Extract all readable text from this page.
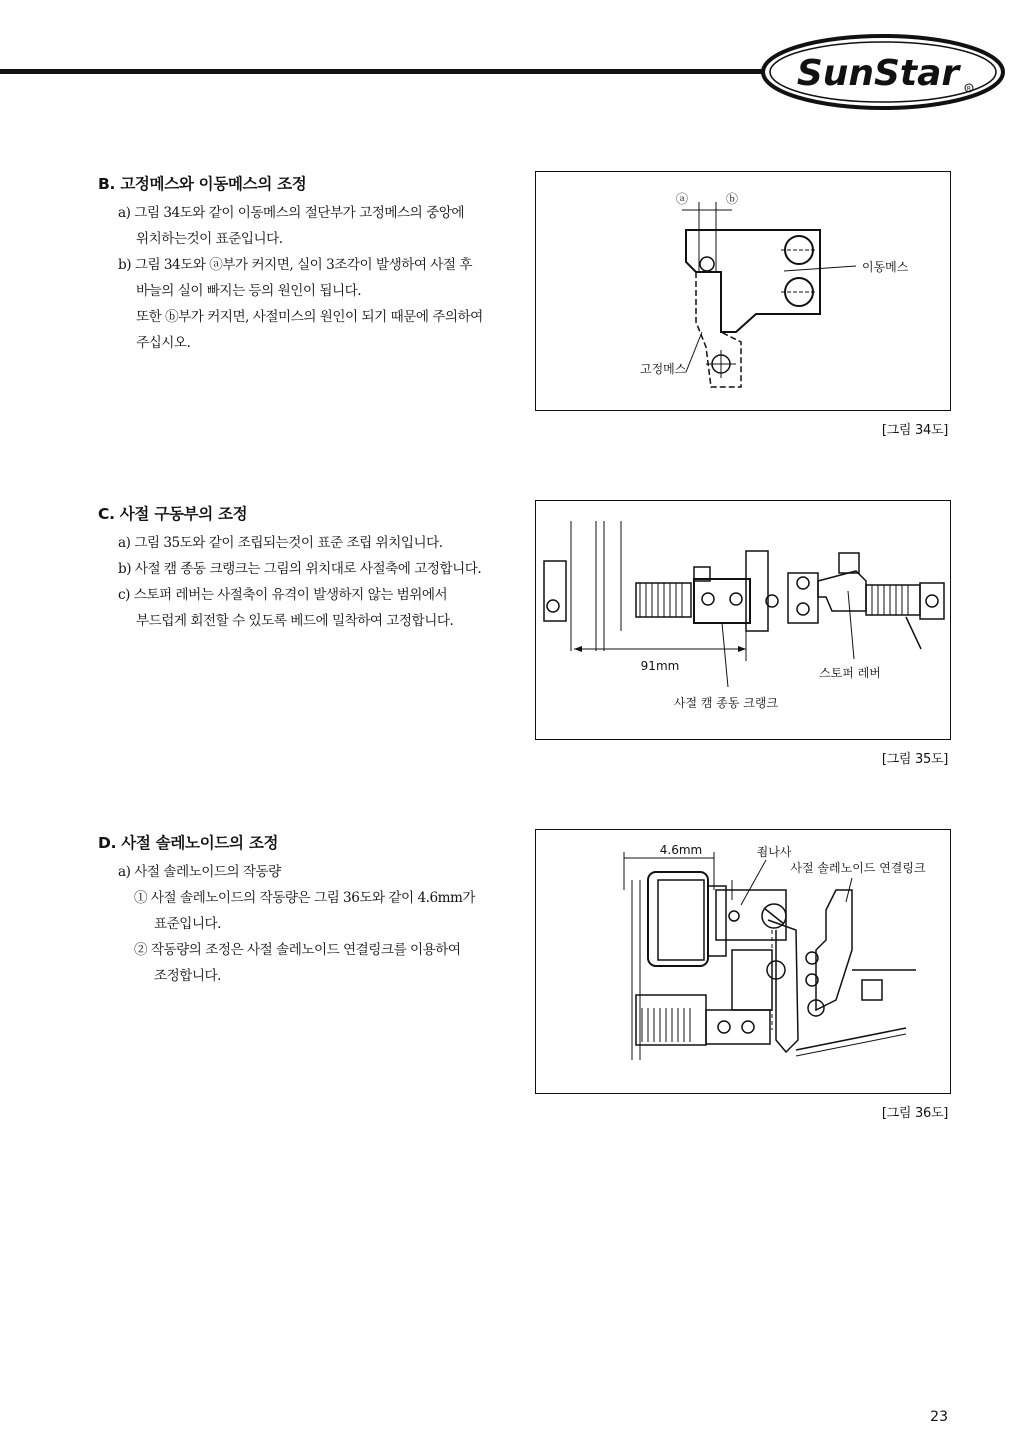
SunStar	R
B. 고정메스와 이동메스의 조정

a) 그림 34도와 같이 이동메스의 절단부가 고정메스의 중앙에

위치하는것이 표준입니다.

b) 그림 34도와 ⓐ부가 커지면, 실이 3조각이 발생하여 사절 후

바늘의 실이 빠지는 등의 원인이 됩니다.

또한 ⓑ부가 커지면, 사절미스의 원인이 되기 때문에 주의하여

주십시오.

ⓐ	ⓑ
이동메스
고정메스
[그림 34도]
C. 사절 구동부의 조정

a) 그림 35도와 같이 조립되는것이 표준 조립 위치입니다.

b) 사절 캠 종동 크랭크는 그림의 위치대로 사절축에 고정합니다.

c) 스토퍼 레버는 사절축이 유격이 발생하지 않는 범위에서

부드럽게 회전할 수 있도록 베드에 밀착하여 고정합니다.

91mm	스토퍼 레버
사절 캠 종동 크랭크
[그림 35도]
D. 사절 솔레노이드의 조정

a) 사절 솔레노이드의 작동량

① 사절 솔레노이드의 작동량은 그림 36도와 같이 4.6mm가

표준입니다.

② 작동량의 조정은 사절 솔레노이드 연결링크를 이용하여

조정합니다.

4.6mm	죔나사
사절 솔레노이드 연결링크
[그림 36도]
23
